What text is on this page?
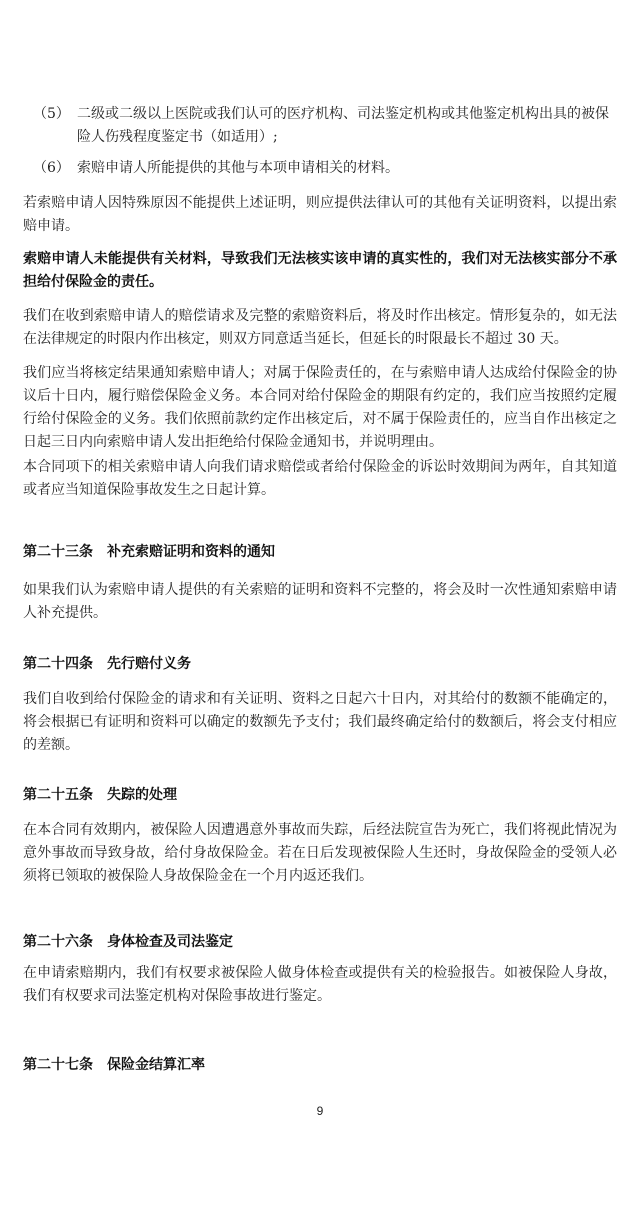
（5） 二级或二级以上医院或我们认可的医疗机构、司法鉴定机构或其他鉴定机构出具的被保险人伤残程度鉴定书（如适用）;
（6） 索赔申请人所能提供的其他与本项申请相关的材料。

若索赔申请人因特殊原因不能提供上述证明，则应提供法律认可的其他有关证明资料，以提出索赔申请。

索赔申请人未能提供有关材料，导致我们无法核实该申请的真实性的，我们对无法核实部分不承担给付保险金的责任。

我们在收到索赔申请人的赔偿请求及完整的索赔资料后，将及时作出核定。情形复杂的，如无法在法律规定的时限内作出核定，则双方同意适当延长，但延长的时限最长不超过 30 天。

我们应当将核定结果通知索赔申请人；对属于保险责任的，在与索赔申请人达成给付保险金的协议后十日内，履行赔偿保险金义务。本合同对给付保险金的期限有约定的，我们应当按照约定履行给付保险金的义务。我们依照前款约定作出核定后，对不属于保险责任的，应当自作出核定之日起三日内向索赔申请人发出拒绝给付保险金通知书，并说明理由。

本合同项下的相关索赔申请人向我们请求赔偿或者给付保险金的诉讼时效期间为两年，自其知道或者应当知道保险事故发生之日起计算。

第二十三条　补充索赔证明和资料的通知

如果我们认为索赔申请人提供的有关索赔的证明和资料不完整的，将会及时一次性通知索赔申请人补充提供。

第二十四条　先行赔付义务

我们自收到给付保险金的请求和有关证明、资料之日起六十日内，对其给付的数额不能确定的，将会根据已有证明和资料可以确定的数额先予支付；我们最终确定给付的数额后，将会支付相应的差额。

第二十五条　失踪的处理

在本合同有效期内，被保险人因遭遇意外事故而失踪，后经法院宣告为死亡，我们将视此情况为意外事故而导致身故，给付身故保险金。若在日后发现被保险人生还时，身故保险金的受领人必须将已领取的被保险人身故保险金在一个月内返还我们。

第二十六条　身体检查及司法鉴定

在申请索赔期内，我们有权要求被保险人做身体检查或提供有关的检验报告。如被保险人身故，我们有权要求司法鉴定机构对保险事故进行鉴定。

第二十七条　保险金结算汇率
9
